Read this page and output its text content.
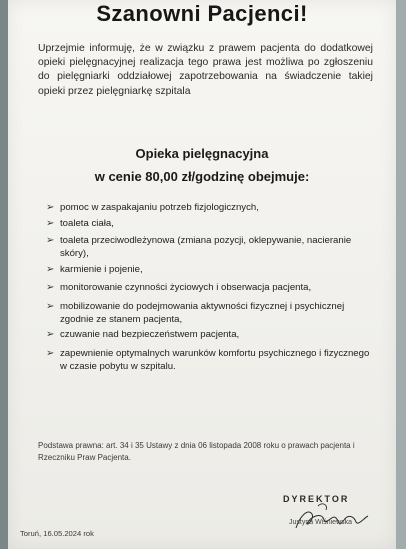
Szanowni Pacjenci!
Uprzejmie informuję, że w związku z prawem pacjenta do dodatkowej opieki pielęgnacyjnej realizacja tego prawa jest możliwa po zgłoszeniu do pielęgniarki oddziałowej zapotrzebowania na świadczenie takiej opieki przez pielęgniarkę szpitala
Opieka pielęgnacyjna
w cenie 80,00 zł/godzinę obejmuje:
➢ pomoc w zaspakajaniu potrzeb fizjologicznych,
➢ toaleta ciała,
➢ toaleta przeciwodleżynowa (zmiana pozycji, oklepywanie, nacieranie skóry),
➢ karmienie i pojenie,
➢ monitorowanie czynności życiowych i obserwacja pacjenta,
➢ mobilizowanie do podejmowania aktywności fizycznej i psychicznej zgodnie ze stanem pacjenta,
➢ czuwanie nad bezpieczeństwem pacjenta,
➢ zapewnienie optymalnych warunków komfortu psychicznego i fizycznego w czasie pobytu w szpitalu.
Podstawa prawna: art. 34 i 35 Ustawy z dnia 06 listopada 2008 roku o prawach pacjenta i Rzeczniku Praw Pacjenta.
DYREKTOR
Justyna Wiśniewska
Toruń, 16.05.2024 rok
